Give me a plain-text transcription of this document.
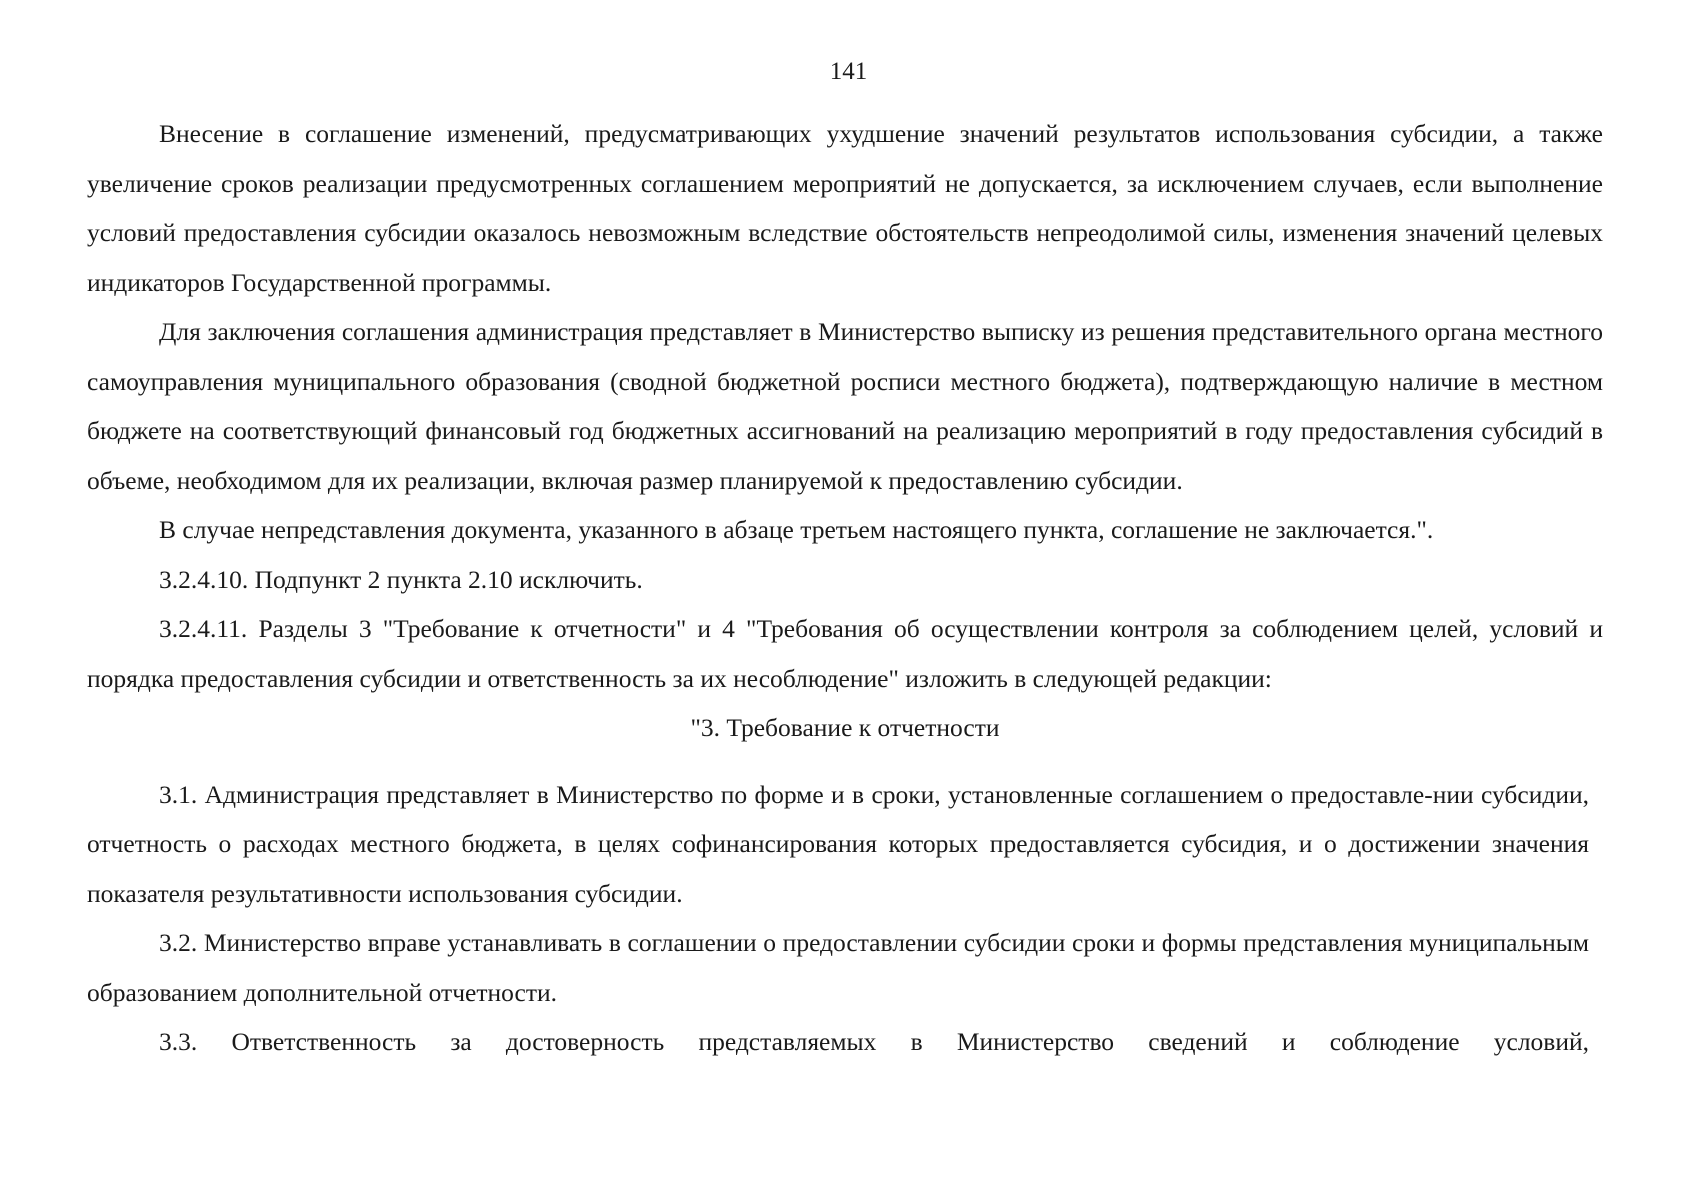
141

Внесение в соглашение изменений, предусматривающих ухудшение значений результатов использования субсидии, а также увеличение сроков реализации предусмотренных соглашением мероприятий не допускается, за исключением случаев, если выполнение условий предоставления субсидии оказалось невозможным вследствие обстоятельств непреодолимой силы, изменения значений целевых индикаторов Государственной программы.

Для заключения соглашения администрация представляет в Министерство выписку из решения представительного органа местного самоуправления муниципального образования (сводной бюджетной росписи местного бюджета), подтверждающую наличие в местном бюджете на соответствующий финансовый год бюджетных ассигнований на реализацию мероприятий в году предоставления субсидий в объеме, необходимом для их реализации, включая размер планируемой к предоставлению субсидии.

В случае непредставления документа, указанного в абзаце третьем настоящего пункта, соглашение не заключается.".

3.2.4.10. Подпункт 2 пункта 2.10 исключить.

3.2.4.11. Разделы 3 "Требование к отчетности" и 4 "Требования об осуществлении контроля за соблюдением целей, условий и порядка предоставления субсидии и ответственность за их несоблюдение" изложить в следующей редакции:

"3. Требование к отчетности

3.1. Администрация представляет в Министерство по форме и в сроки, установленные соглашением о предоставле-нии субсидии, отчетность о расходах местного бюджета, в целях софинансирования которых предоставляется субсидия, и о достижении значения показателя результативности использования субсидии.

3.2. Министерство вправе устанавливать в соглашении о предоставлении субсидии сроки и формы представления муниципальным образованием дополнительной отчетности.

3.3. Ответственность за достоверность представляемых в Министерство сведений и соблюдение условий,
